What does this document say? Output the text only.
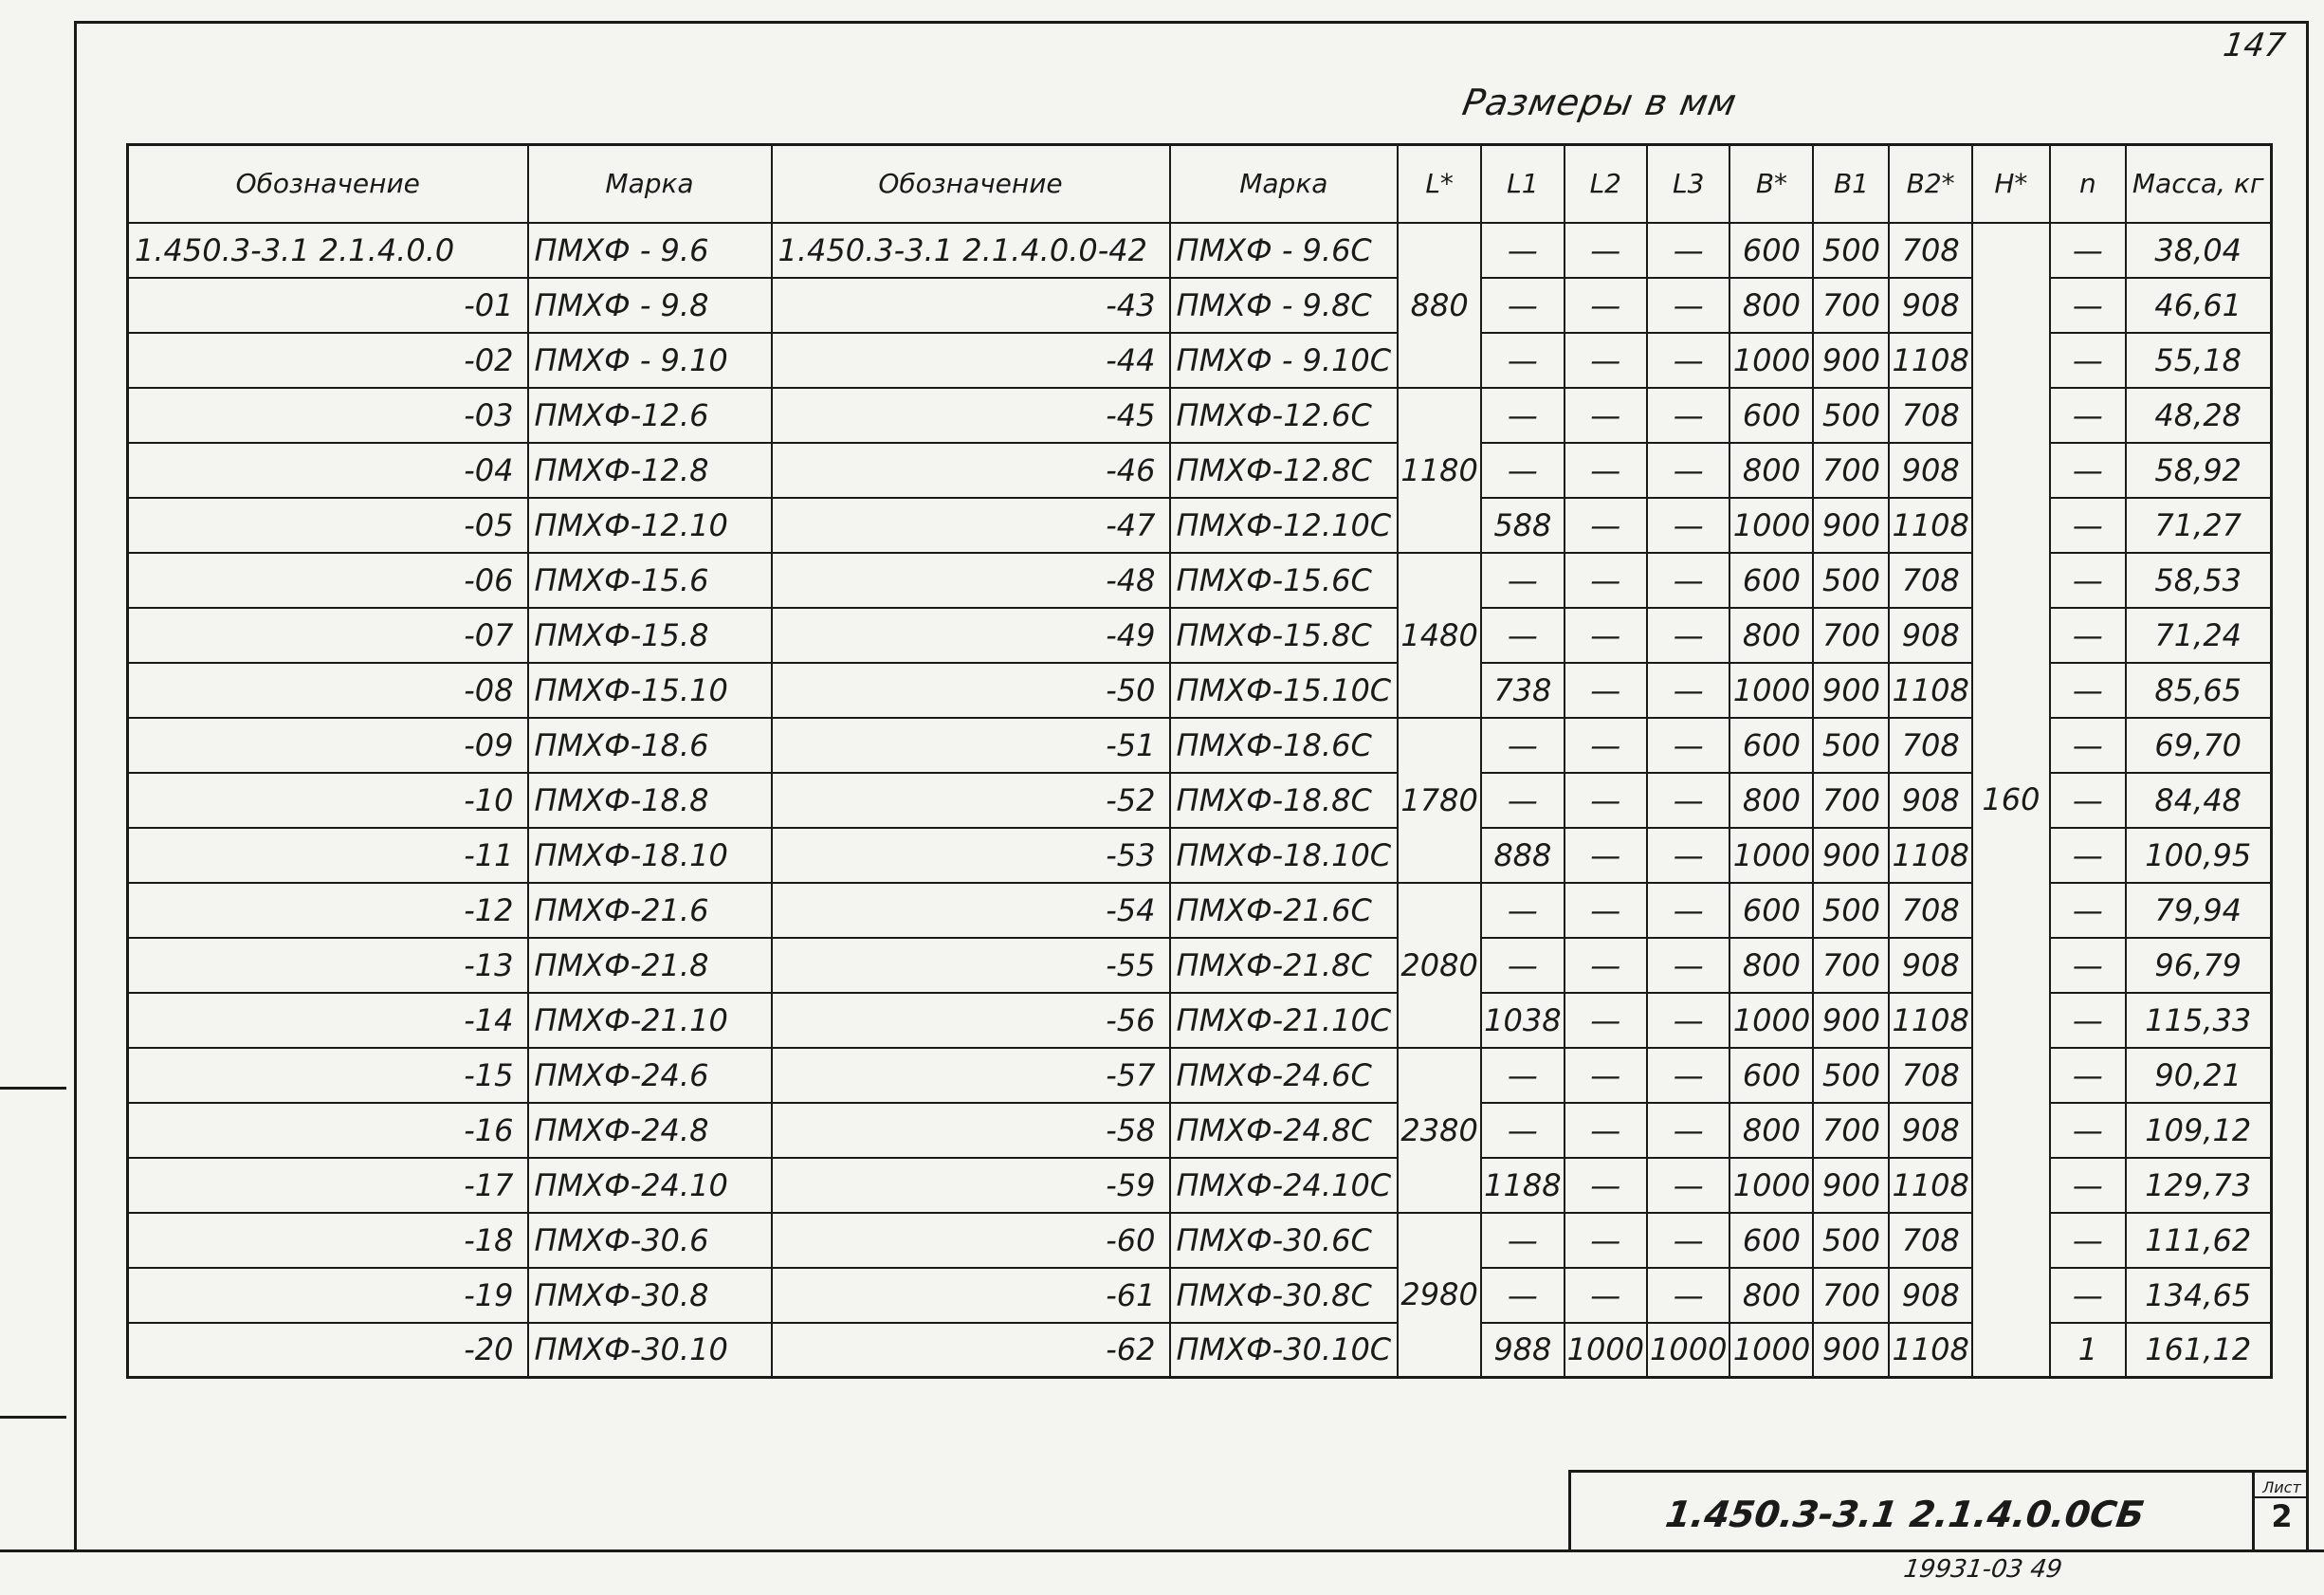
147
Размеры в мм
Обозначение	Марка	Обозначение	Марка	L*	L1	L2	L3	B*	B1	B2*	H*	n	Масса, кг
1.450.3-3.1 2.1.4.0.0	ПМХФ - 9.6	1.450.3-3.1 2.1.4.0.0-42	ПМХФ - 9.6С	880	—	—	—	600	500	708	160	—	38,04
-01	ПМХФ - 9.8	-43	ПМХФ - 9.8С		—	—	—	800	700	908		—	46,61
-02	ПМХФ - 9.10	-44	ПМХФ - 9.10С		—	—	—	1000	900	1108		—	55,18
-03	ПМХФ-12.6	-45	ПМХФ-12.6С	1180	—	—	—	600	500	708		—	48,28
-04	ПМХФ-12.8	-46	ПМХФ-12.8С		—	—	—	800	700	908		—	58,92
-05	ПМХФ-12.10	-47	ПМХФ-12.10С		588	—	—	1000	900	1108		—	71,27
-06	ПМХФ-15.6	-48	ПМХФ-15.6С	1480	—	—	—	600	500	708		—	58,53
-07	ПМХФ-15.8	-49	ПМХФ-15.8С		—	—	—	800	700	908		—	71,24
-08	ПМХФ-15.10	-50	ПМХФ-15.10С		738	—	—	1000	900	1108		—	85,65
-09	ПМХФ-18.6	-51	ПМХФ-18.6С	1780	—	—	—	600	500	708		—	69,70
-10	ПМХФ-18.8	-52	ПМХФ-18.8С		—	—	—	800	700	908		—	84,48
-11	ПМХФ-18.10	-53	ПМХФ-18.10С		888	—	—	1000	900	1108		—	100,95
-12	ПМХФ-21.6	-54	ПМХФ-21.6С	2080	—	—	—	600	500	708		—	79,94
-13	ПМХФ-21.8	-55	ПМХФ-21.8С		—	—	—	800	700	908		—	96,79
-14	ПМХФ-21.10	-56	ПМХФ-21.10С		1038	—	—	1000	900	1108		—	115,33
-15	ПМХФ-24.6	-57	ПМХФ-24.6С	2380	—	—	—	600	500	708		—	90,21
-16	ПМХФ-24.8	-58	ПМХФ-24.8С		—	—	—	800	700	908		—	109,12
-17	ПМХФ-24.10	-59	ПМХФ-24.10С		1188	—	—	1000	900	1108		—	129,73
-18	ПМХФ-30.6	-60	ПМХФ-30.6С	2980	—	—	—	600	500	708		—	111,62
-19	ПМХФ-30.8	-61	ПМХФ-30.8С		—	—	—	800	700	908		—	134,65
-20	ПМХФ-30.10	-62	ПМХФ-30.10С		988	1000	1000	1000	900	1108		1	161,12
1.450.3-3.1 2.1.4.0.0СБ
Лист
2
19931-03 49
